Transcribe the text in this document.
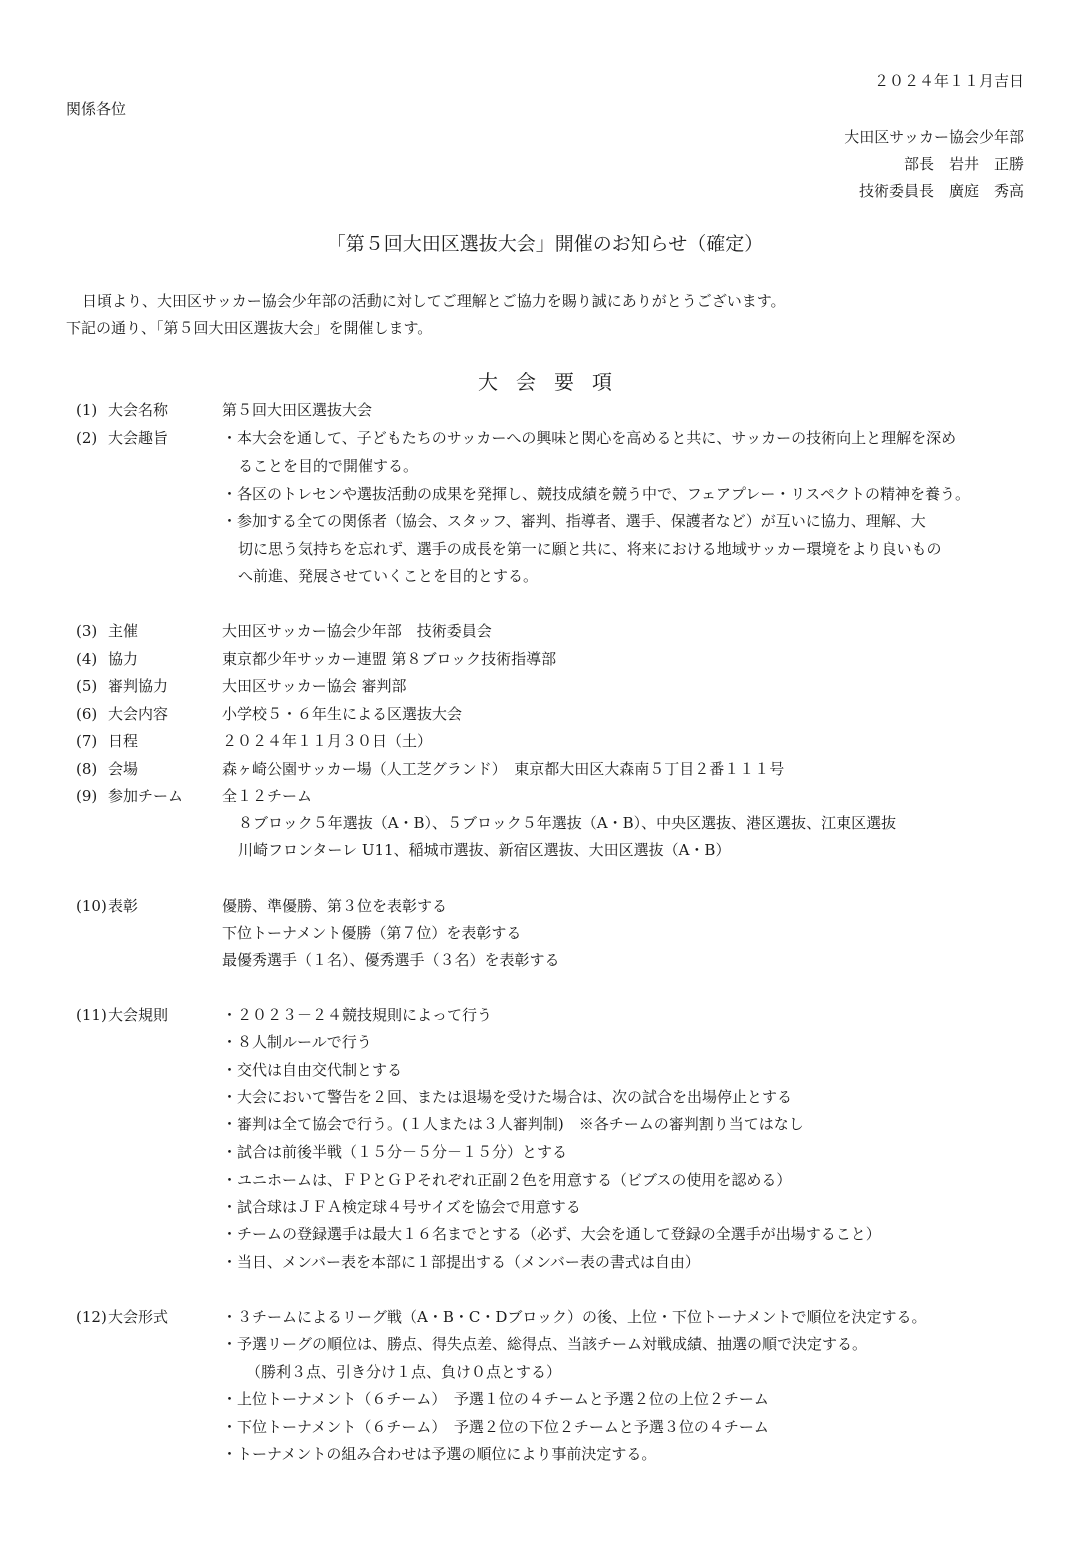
２０２４年１１月吉日
関係各位
大田区サッカー協会少年部
部長　岩井　正勝
技術委員長　廣庭　秀高
「第５回大田区選抜大会」開催のお知らせ（確定）
日頃より、大田区サッカー協会少年部の活動に対してご理解とご協力を賜り誠にありがとうございます。
下記の通り、「第５回大田区選抜大会」を開催します。
大会要項
(1) 大会名称	第５回大田区選抜大会
(2) 大会趣旨	・本大会を通して、子どもたちのサッカーへの興味と関心を高めると共に、サッカーの技術向上と理解を深め
ることを目的で開催する。
・各区のトレセンや選抜活動の成果を発揮し、競技成績を競う中で、フェアプレー・リスペクトの精神を養う。
・参加する全ての関係者（協会、スタッフ、審判、指導者、選手、保護者など）が互いに協力、理解、大
切に思う気持ちを忘れず、選手の成長を第一に願と共に、将来における地域サッカー環境をより良いもの
へ前進、発展させていくことを目的とする。
(3) 主催	大田区サッカー協会少年部　技術委員会
(4) 協力	東京都少年サッカー連盟 第８ブロック技術指導部
(5) 審判協力	大田区サッカー協会 審判部
(6) 大会内容	小学校５・６年生による区選抜大会
(7) 日程	２０２４年１１月３０日（土）
(8) 会場	森ヶ崎公園サッカー場（人工芝グランド）　東京都大田区大森南５丁目２番１１１号
(9) 参加チーム	全１２チーム
８ブロック５年選抜（A・B）、５ブロック５年選抜（A・B）、中央区選抜、港区選抜、江東区選抜
川崎フロンターレ U11、稲城市選抜、新宿区選抜、大田区選抜（A・B）
(10) 表彰	優勝、準優勝、第３位を表彰する
下位トーナメント優勝（第７位）を表彰する
最優秀選手（１名）、優秀選手（３名）を表彰する
(11) 大会規則	・２０２３－２４競技規則によって行う
・８人制ルールで行う
・交代は自由交代制とする
・大会において警告を２回、または退場を受けた場合は、次の試合を出場停止とする
・審判は全て協会で行う。(１人または３人審判制)　※各チームの審判割り当てはなし
・試合は前後半戦（１５分－５分－１５分）とする
・ユニホームは、ＦＰとＧＰそれぞれ正副２色を用意する（ビブスの使用を認める）
・試合球はＪＦＡ検定球４号サイズを協会で用意する
・チームの登録選手は最大１６名までとする（必ず、大会を通して登録の全選手が出場すること）
・当日、メンバー表を本部に１部提出する（メンバー表の書式は自由）
(12) 大会形式	・３チームによるリーグ戦（A・B・C・Dブロック）の後、上位・下位トーナメントで順位を決定する。
・予選リーグの順位は、勝点、得失点差、総得点、当該チーム対戦成績、抽選の順で決定する。
（勝利３点、引き分け１点、負け０点とする）
・上位トーナメント（６チーム）　予選１位の４チームと予選２位の上位２チーム
・下位トーナメント（６チーム）　予選２位の下位２チームと予選３位の４チーム
・トーナメントの組み合わせは予選の順位により事前決定する。
